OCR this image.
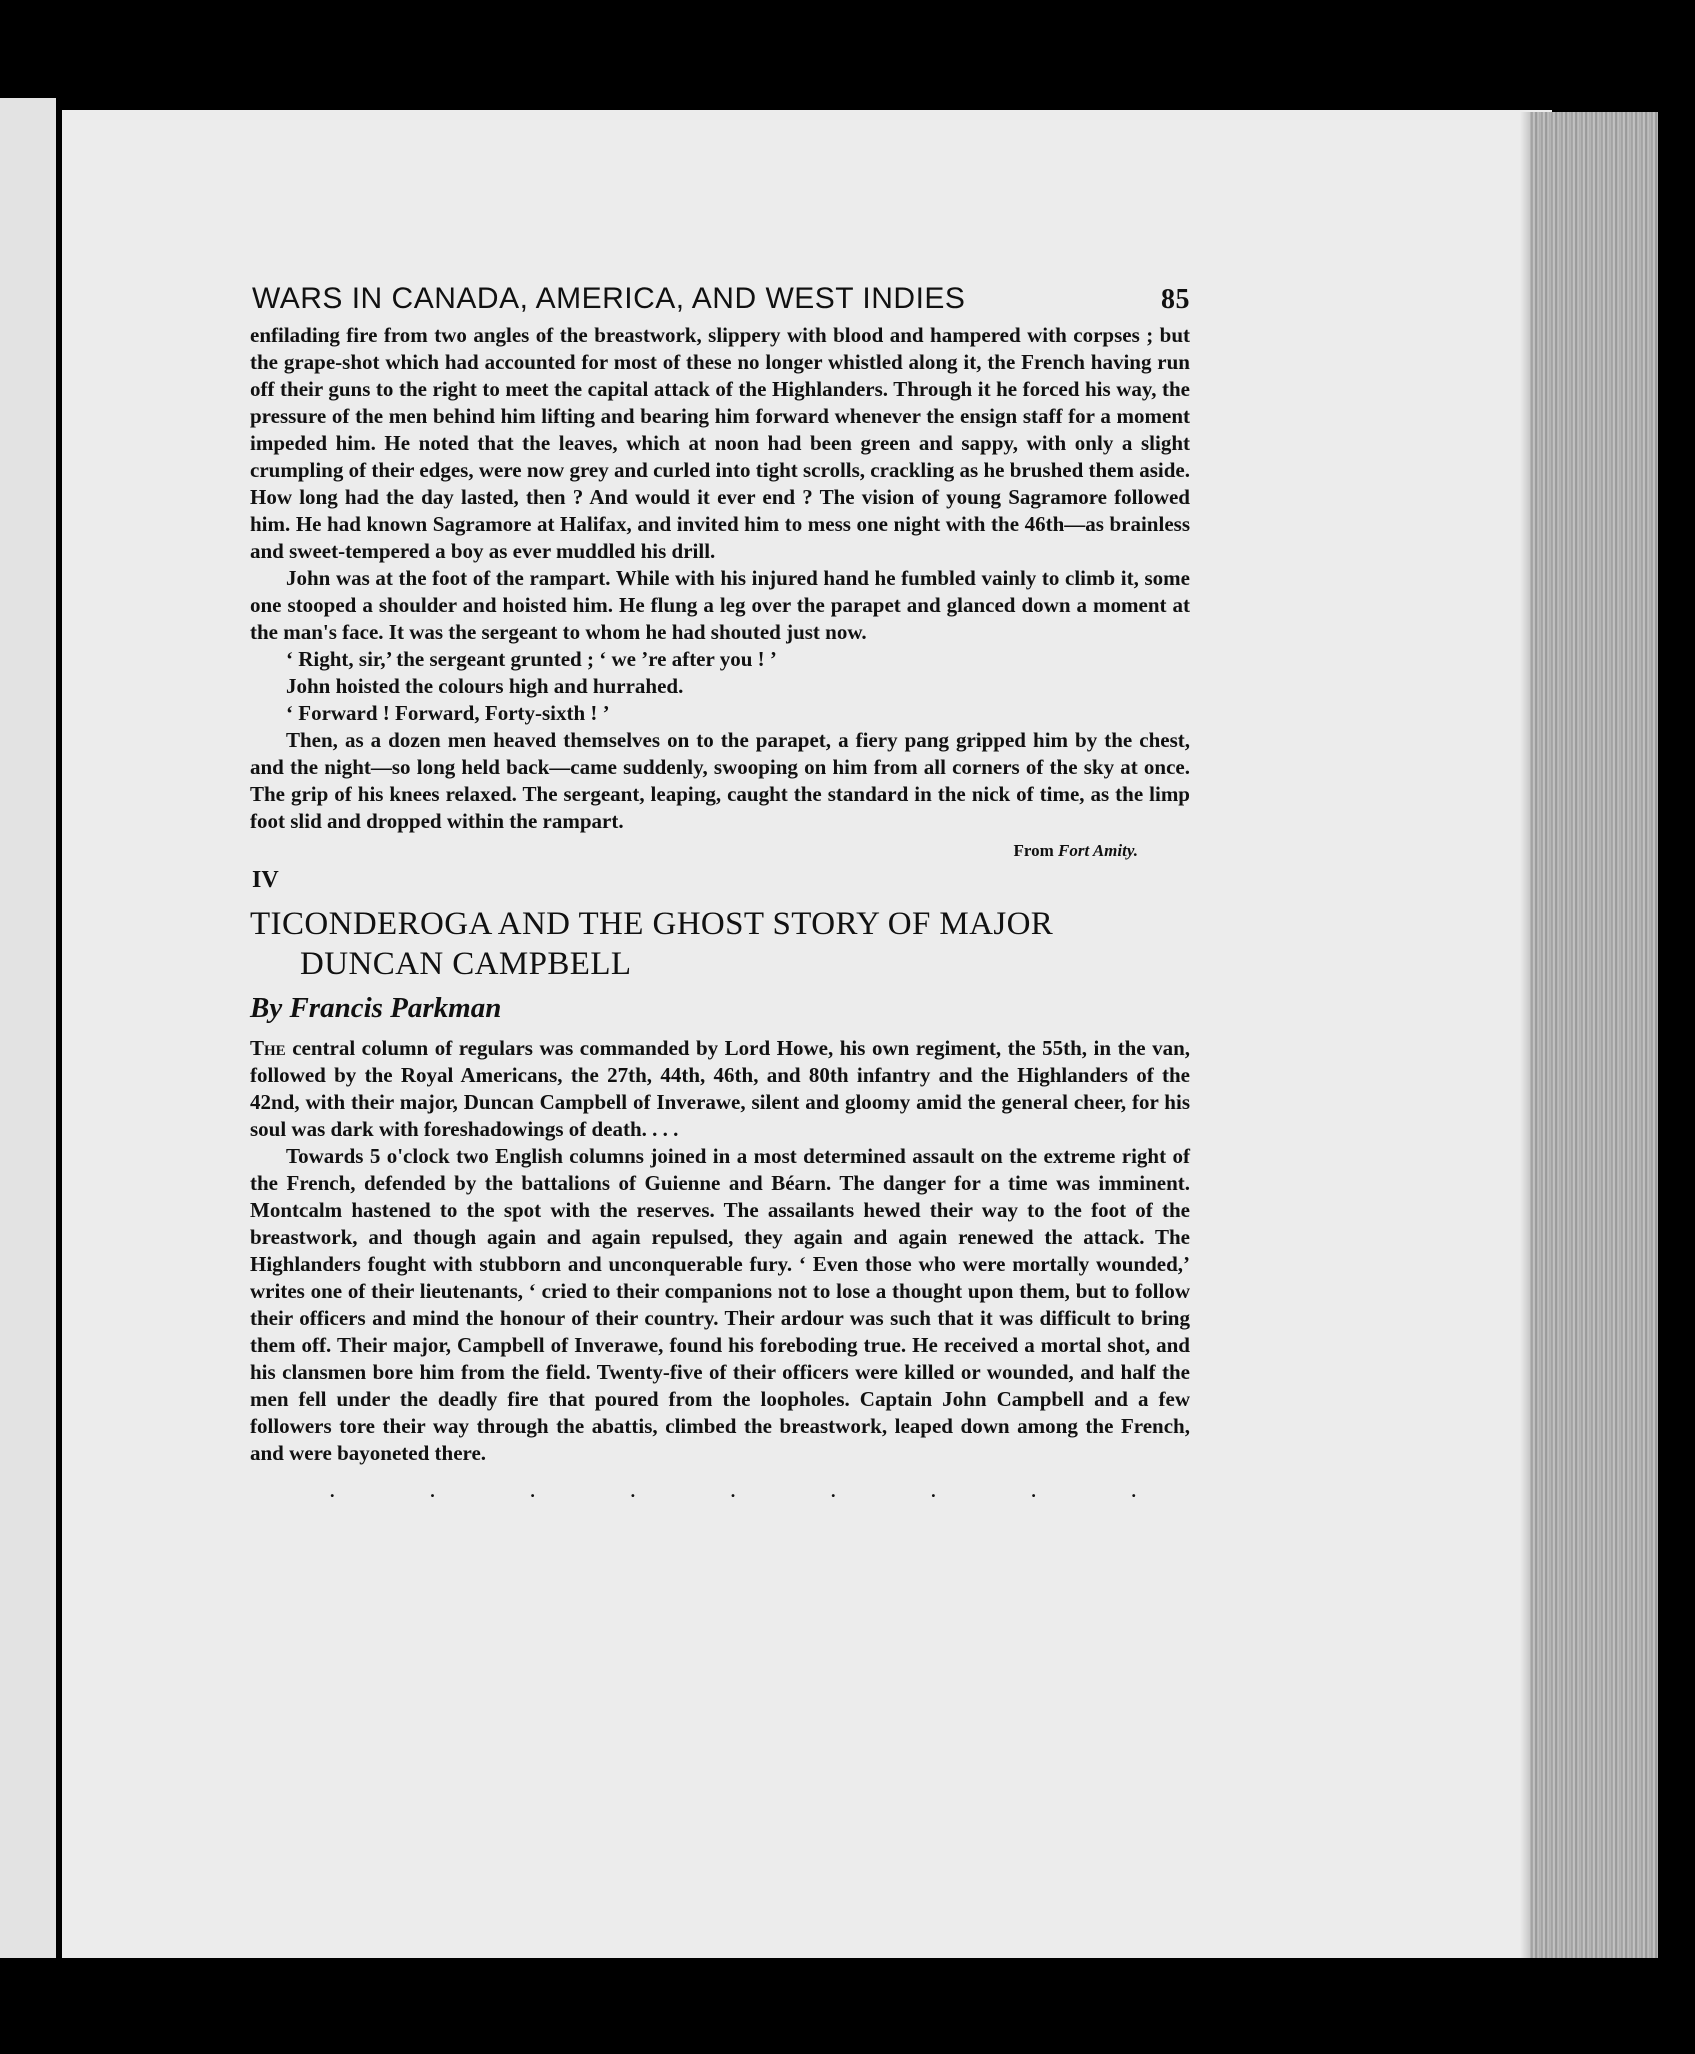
WARS IN CANADA, AMERICA, AND WEST INDIES	85

enfilading fire from two angles of the breastwork, slippery with blood and hampered with corpses ; but the grape-shot which had accounted for most of these no longer whistled along it, the French having run off their guns to the right to meet the capital attack of the Highlanders. Through it he forced his way, the pressure of the men behind him lifting and bearing him forward whenever the ensign staff for a moment impeded him. He noted that the leaves, which at noon had been green and sappy, with only a slight crumpling of their edges, were now grey and curled into tight scrolls, crackling as he brushed them aside. How long had the day lasted, then ? And would it ever end ? The vision of young Sagramore followed him. He had known Sagramore at Halifax, and invited him to mess one night with the 46th—as brainless and sweet-tempered a boy as ever muddled his drill.

John was at the foot of the rampart. While with his injured hand he fumbled vainly to climb it, some one stooped a shoulder and hoisted him. He flung a leg over the parapet and glanced down a moment at the man's face. It was the sergeant to whom he had shouted just now.

‘ Right, sir,’ the sergeant grunted ; ‘ we ’re after you ! ’

John hoisted the colours high and hurrahed.

‘ Forward ! Forward, Forty-sixth ! ’

Then, as a dozen men heaved themselves on to the parapet, a fiery pang gripped him by the chest, and the night—so long held back—came suddenly, swooping on him from all corners of the sky at once. The grip of his knees relaxed. The sergeant, leaping, caught the standard in the nick of time, as the limp foot slid and dropped within the rampart.

From Fort Amity.
IV
TICONDEROGA AND THE GHOST STORY OF MAJOR DUNCAN CAMPBELL
By Francis Parkman

The central column of regulars was commanded by Lord Howe, his own regiment, the 55th, in the van, followed by the Royal Americans, the 27th, 44th, 46th, and 80th infantry and the Highlanders of the 42nd, with their major, Duncan Campbell of Inverawe, silent and gloomy amid the general cheer, for his soul was dark with foreshadowings of death. . . .

Towards 5 o'clock two English columns joined in a most determined assault on the extreme right of the French, defended by the battalions of Guienne and Béarn. The danger for a time was imminent. Montcalm hastened to the spot with the reserves. The assailants hewed their way to the foot of the breastwork, and though again and again repulsed, they again and again renewed the attack. The Highlanders fought with stubborn and unconquerable fury. ‘ Even those who were mortally wounded,’ writes one of their lieutenants, ‘ cried to their companions not to lose a thought upon them, but to follow their officers and mind the honour of their country. Their ardour was such that it was difficult to bring them off. Their major, Campbell of Inverawe, found his foreboding true. He received a mortal shot, and his clansmen bore him from the field. Twenty-five of their officers were killed or wounded, and half the men fell under the deadly fire that poured from the loopholes. Captain John Campbell and a few followers tore their way through the abattis, climbed the breastwork, leaped down among the French, and were bayoneted there.

.	.	.	.	.	.	.	.	.
